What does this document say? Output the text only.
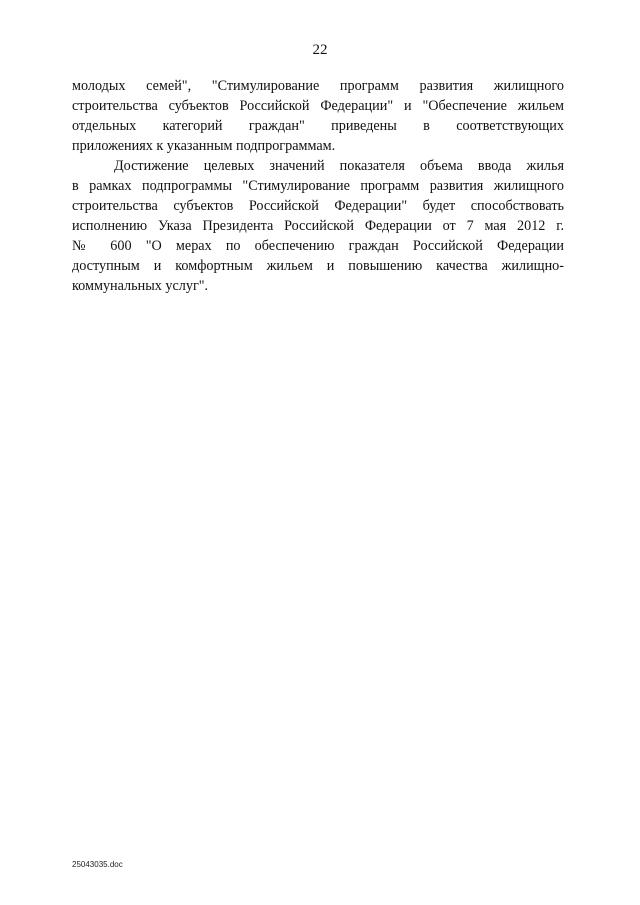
22
молодых семей", "Стимулирование программ развития жилищного
строительства субъектов Российской Федерации" и "Обеспечение жильем
отдельных категорий граждан" приведены в соответствующих
приложениях к указанным подпрограммам.
Достижение целевых значений показателя объема ввода жилья
в рамках подпрограммы "Стимулирование программ развития жилищного
строительства субъектов Российской Федерации" будет способствовать
исполнению Указа Президента Российской Федерации от 7 мая 2012 г.
№ 600 "О мерах по обеспечению граждан Российской Федерации
доступным и комфортным жильем и повышению качества жилищно-
коммунальных услуг".
25043035.doc
